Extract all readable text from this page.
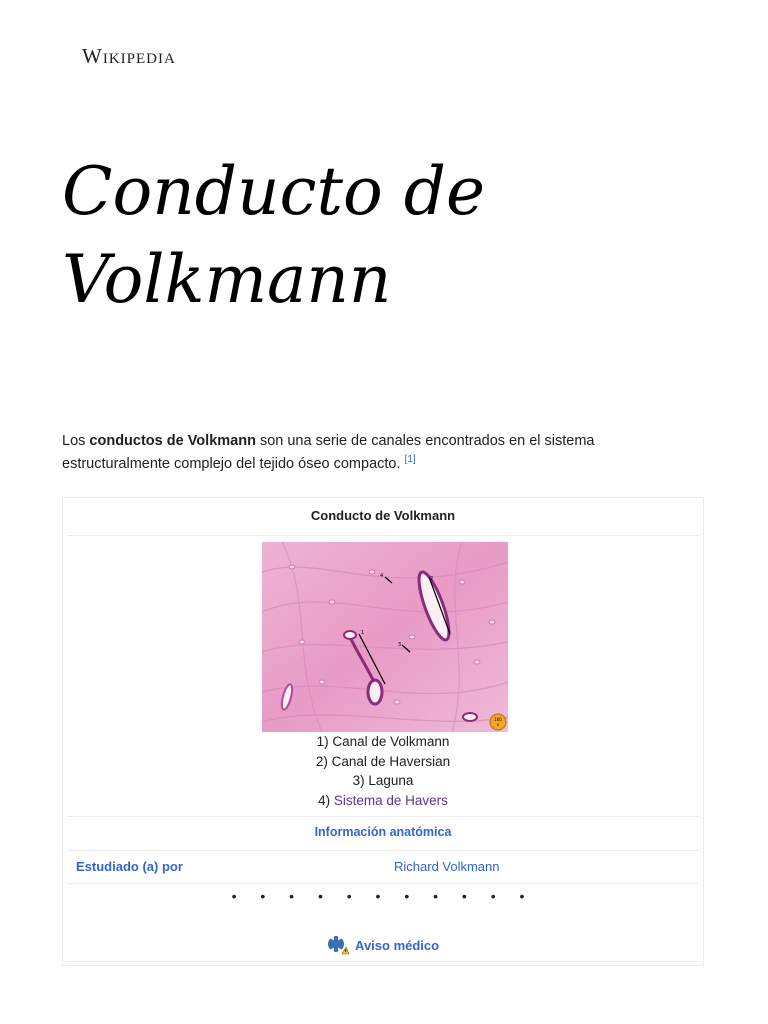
Wikipedia
Conducto de Volkmann
Los conductos de Volkmann son una serie de canales encontrados en el sistema estructuralmente complejo del tejido óseo compacto. [1]
Conducto de Volkmann
4
3
2
1
100
x
1) Canal de Volkmann
2) Canal de Haversian
3) Laguna
4) Sistema de Havers
Información anatómica
Estudiado (a) por	Richard Volkmann
• • • • • • • • • • •
Aviso médico
